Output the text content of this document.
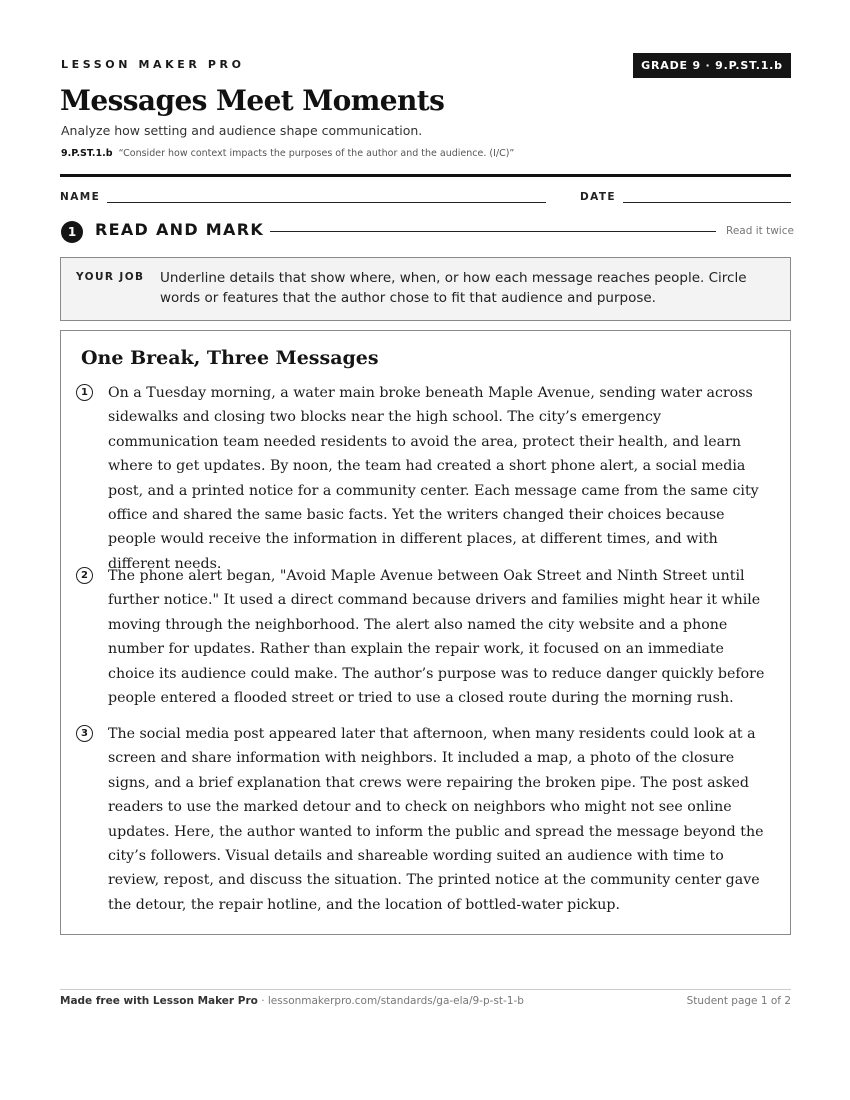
LESSON MAKER PRO	GRADE 9 · 9.P.ST.1.b
Messages Meet Moments
Analyze how setting and audience shape communication.
9.P.ST.1.b “Consider how context impacts the purposes of the author and the audience. (I/C)”
NAME	DATE
1	READ AND MARK	Read it twice
YOUR JOB Underline details that show where, when, or how each message reaches people. Circle words or features that the author chose to fit that audience and purpose.
One Break, Three Messages
1	On a Tuesday morning, a water main broke beneath Maple Avenue, sending water across sidewalks and closing two blocks near the high school. The city’s emergency communication team needed residents to avoid the area, protect their health, and learn where to get updates. By noon, the team had created a short phone alert, a social media post, and a printed notice for a community center. Each message came from the same city office and shared the same basic facts. Yet the writers changed their choices because people would receive the information in different places, at different times, and with different needs.

2	The phone alert began, "Avoid Maple Avenue between Oak Street and Ninth Street until further notice." It used a direct command because drivers and families might hear it while moving through the neighborhood. The alert also named the city website and a phone number for updates. Rather than explain the repair work, it focused on an immediate choice its audience could make. The author’s purpose was to reduce danger quickly before people entered a flooded street or tried to use a closed route during the morning rush.

3	The social media post appeared later that afternoon, when many residents could look at a screen and share information with neighbors. It included a map, a photo of the closure signs, and a brief explanation that crews were repairing the broken pipe. The post asked readers to use the marked detour and to check on neighbors who might not see online updates. Here, the author wanted to inform the public and spread the message beyond the city’s followers. Visual details and shareable wording suited an audience with time to review, repost, and discuss the situation. The printed notice at the community center gave the detour, the repair hotline, and the location of bottled-water pickup.

Made free with Lesson Maker Pro · lessonmakerpro.com/standards/ga-ela/9-p-st-1-b	Student page 1 of 2
